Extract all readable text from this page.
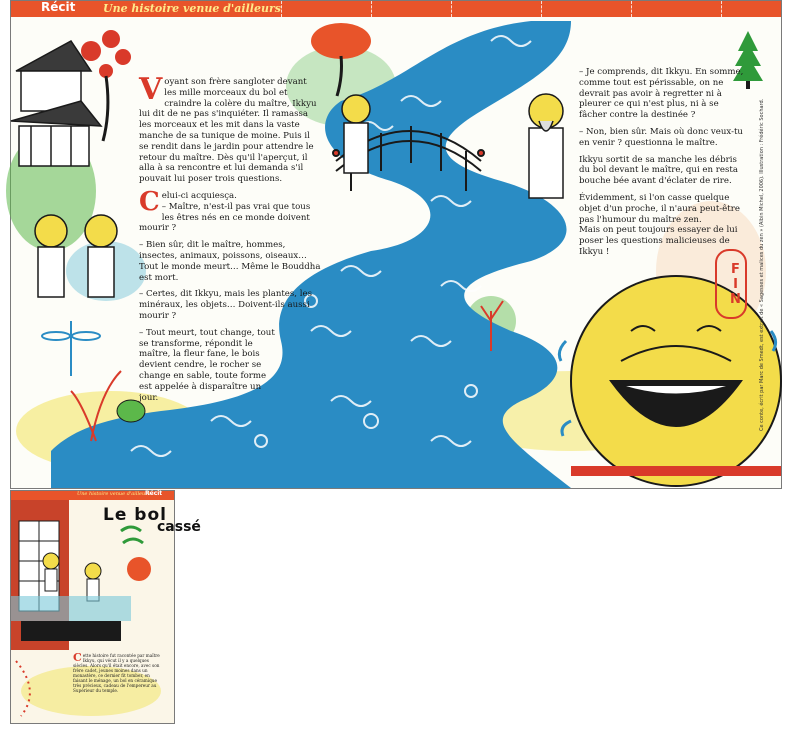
Récit	Une histoire venue d'ailleurs

Voyant son frère sangloter devant les mille morceaux du bol et craindre la colère du maître, Ikkyu lui dit de ne pas s'inquiéter. Il ramassa les morceaux et les mit dans la vaste manche de sa tunique de moine. Puis il se rendit dans le jardin pour attendre le retour du maître. Dès qu'il l'aperçut, il alla à sa rencontre et lui demanda s'il pouvait lui poser trois questions.

Celui-ci acquiesça.
– Maître, n'est-il pas vrai que tous les êtres nés en ce monde doivent mourir ?

– Bien sûr, dit le maître, hommes, insectes, animaux, poissons, oiseaux… Tout le monde meurt… Même le Bouddha est mort.

– Certes, dit Ikkyu, mais les plantes, les minéraux, les objets… Doivent-ils aussi mourir ?

– Tout meurt, tout change, tout se transforme, répondit le maître, la fleur fane, le bois devient cendre, le rocher se change en sable, toute forme est appelée à disparaître un jour.

– Je comprends, dit Ikkyu. En somme, comme tout est périssable, on ne devrait pas avoir à regretter ni à pleurer ce qui n'est plus, ni à se fâcher contre la destinée ?

– Non, bien sûr. Mais où donc veux-tu en venir ? questionna le maître.

Ikkyu sortit de sa manche les débris du bol devant le maître, qui en resta bouche bée avant d'éclater de rire.

Évidemment, si l'on casse quelque objet d'un proche, il n'aura peut-être pas l'humour du maître zen.
Mais on peut toujours essayer de lui poser les questions malicieuses de Ikkyu !

FIN	Ce conte, écrit par Marc de Smedt, est extrait de « Sagesses et malices du zen » (Albin Michel, 2006). Illustration : Frédéric Sochard.
Une histoire venue d'ailleurs
Récit
Le bol
cassé
Cette histoire fut racontée par maître Ikkyu, qui vécut il y a quelques siècles. Alors qu'il était encore, avec son frère cadet, jeunes moines dans un monastère, ce dernier fit tomber, en faisant le ménage, un bol en céramique très précieux, cadeau de l'empereur au Supérieur du temple.
